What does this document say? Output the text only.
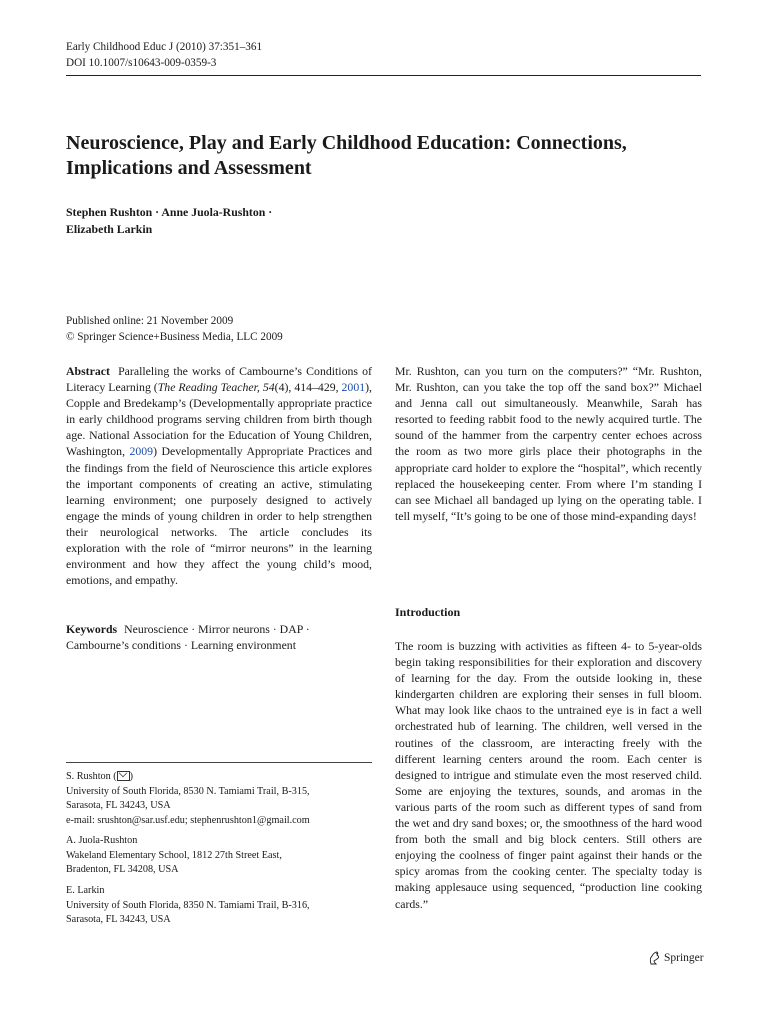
Early Childhood Educ J (2010) 37:351–361
DOI 10.1007/s10643-009-0359-3
Neuroscience, Play and Early Childhood Education: Connections, Implications and Assessment
Stephen Rushton · Anne Juola-Rushton ·
Elizabeth Larkin
Published online: 21 November 2009
© Springer Science+Business Media, LLC 2009

Abstract Paralleling the works of Cambourne’s Conditions of Literacy Learning (The Reading Teacher, 54(4), 414–429, 2001), Copple and Bredekamp’s (Developmentally appropriate practice in early childhood programs serving children from birth though age. National Association for the Education of Young Children, Washington, 2009) Developmentally Appropriate Practices and the findings from the field of Neuroscience this article explores the important components of creating an active, stimulating learning environment; one purposely designed to actively engage the minds of young children in order to help strengthen their neurological networks. The article concludes its exploration with the role of “mirror neurons” in the learning environment and how they affect the young child’s mood, emotions, and empathy.

Keywords Neuroscience · Mirror neurons · DAP · Cambourne’s conditions · Learning environment

S. Rushton ( )
University of South Florida, 8530 N. Tamiami Trail, B-315,
Sarasota, FL 34243, USA
e-mail: srushton@sar.usf.edu; stephenrushton1@gmail.com
A. Juola-Rushton
Wakeland Elementary School, 1812 27th Street East,
Bradenton, FL 34208, USA
E. Larkin
University of South Florida, 8350 N. Tamiami Trail, B-316,
Sarasota, FL 34243, USA

Mr. Rushton, can you turn on the computers?” “Mr. Rushton, Mr. Rushton, can you take the top off the sand box?” Michael and Jenna call out simultaneously. Meanwhile, Sarah has resorted to feeding rabbit food to the newly acquired turtle. The sound of the hammer from the carpentry center echoes across the room as two more girls place their photographs in the appropriate card holder to explore the “hospital”, which recently replaced the housekeeping center. From where I’m standing I can see Michael all bandaged up lying on the operating table. I tell myself, “It’s going to be one of those mind-expanding days!

Introduction

The room is buzzing with activities as fifteen 4- to 5-year-olds begin taking responsibilities for their exploration and discovery of learning for the day. From the outside looking in, these kindergarten children are exploring their senses in full bloom. What may look like chaos to the untrained eye is in fact a well orchestrated hub of learning. The children, well versed in the routines of the classroom, are interacting freely with the different learning centers around the room. Each center is designed to intrigue and stimulate even the most reserved child. Some are enjoying the textures, sounds, and aromas in the various parts of the room such as different types of sand from the wet and dry sand boxes; or, the smoothness of the hard wood from both the small and big block centers. Still others are enjoying the coolness of finger paint against their hands or the spicy aromas from the cooking center. The specialty today is making applesauce using sequenced, “production line cooking cards.”

Springer
